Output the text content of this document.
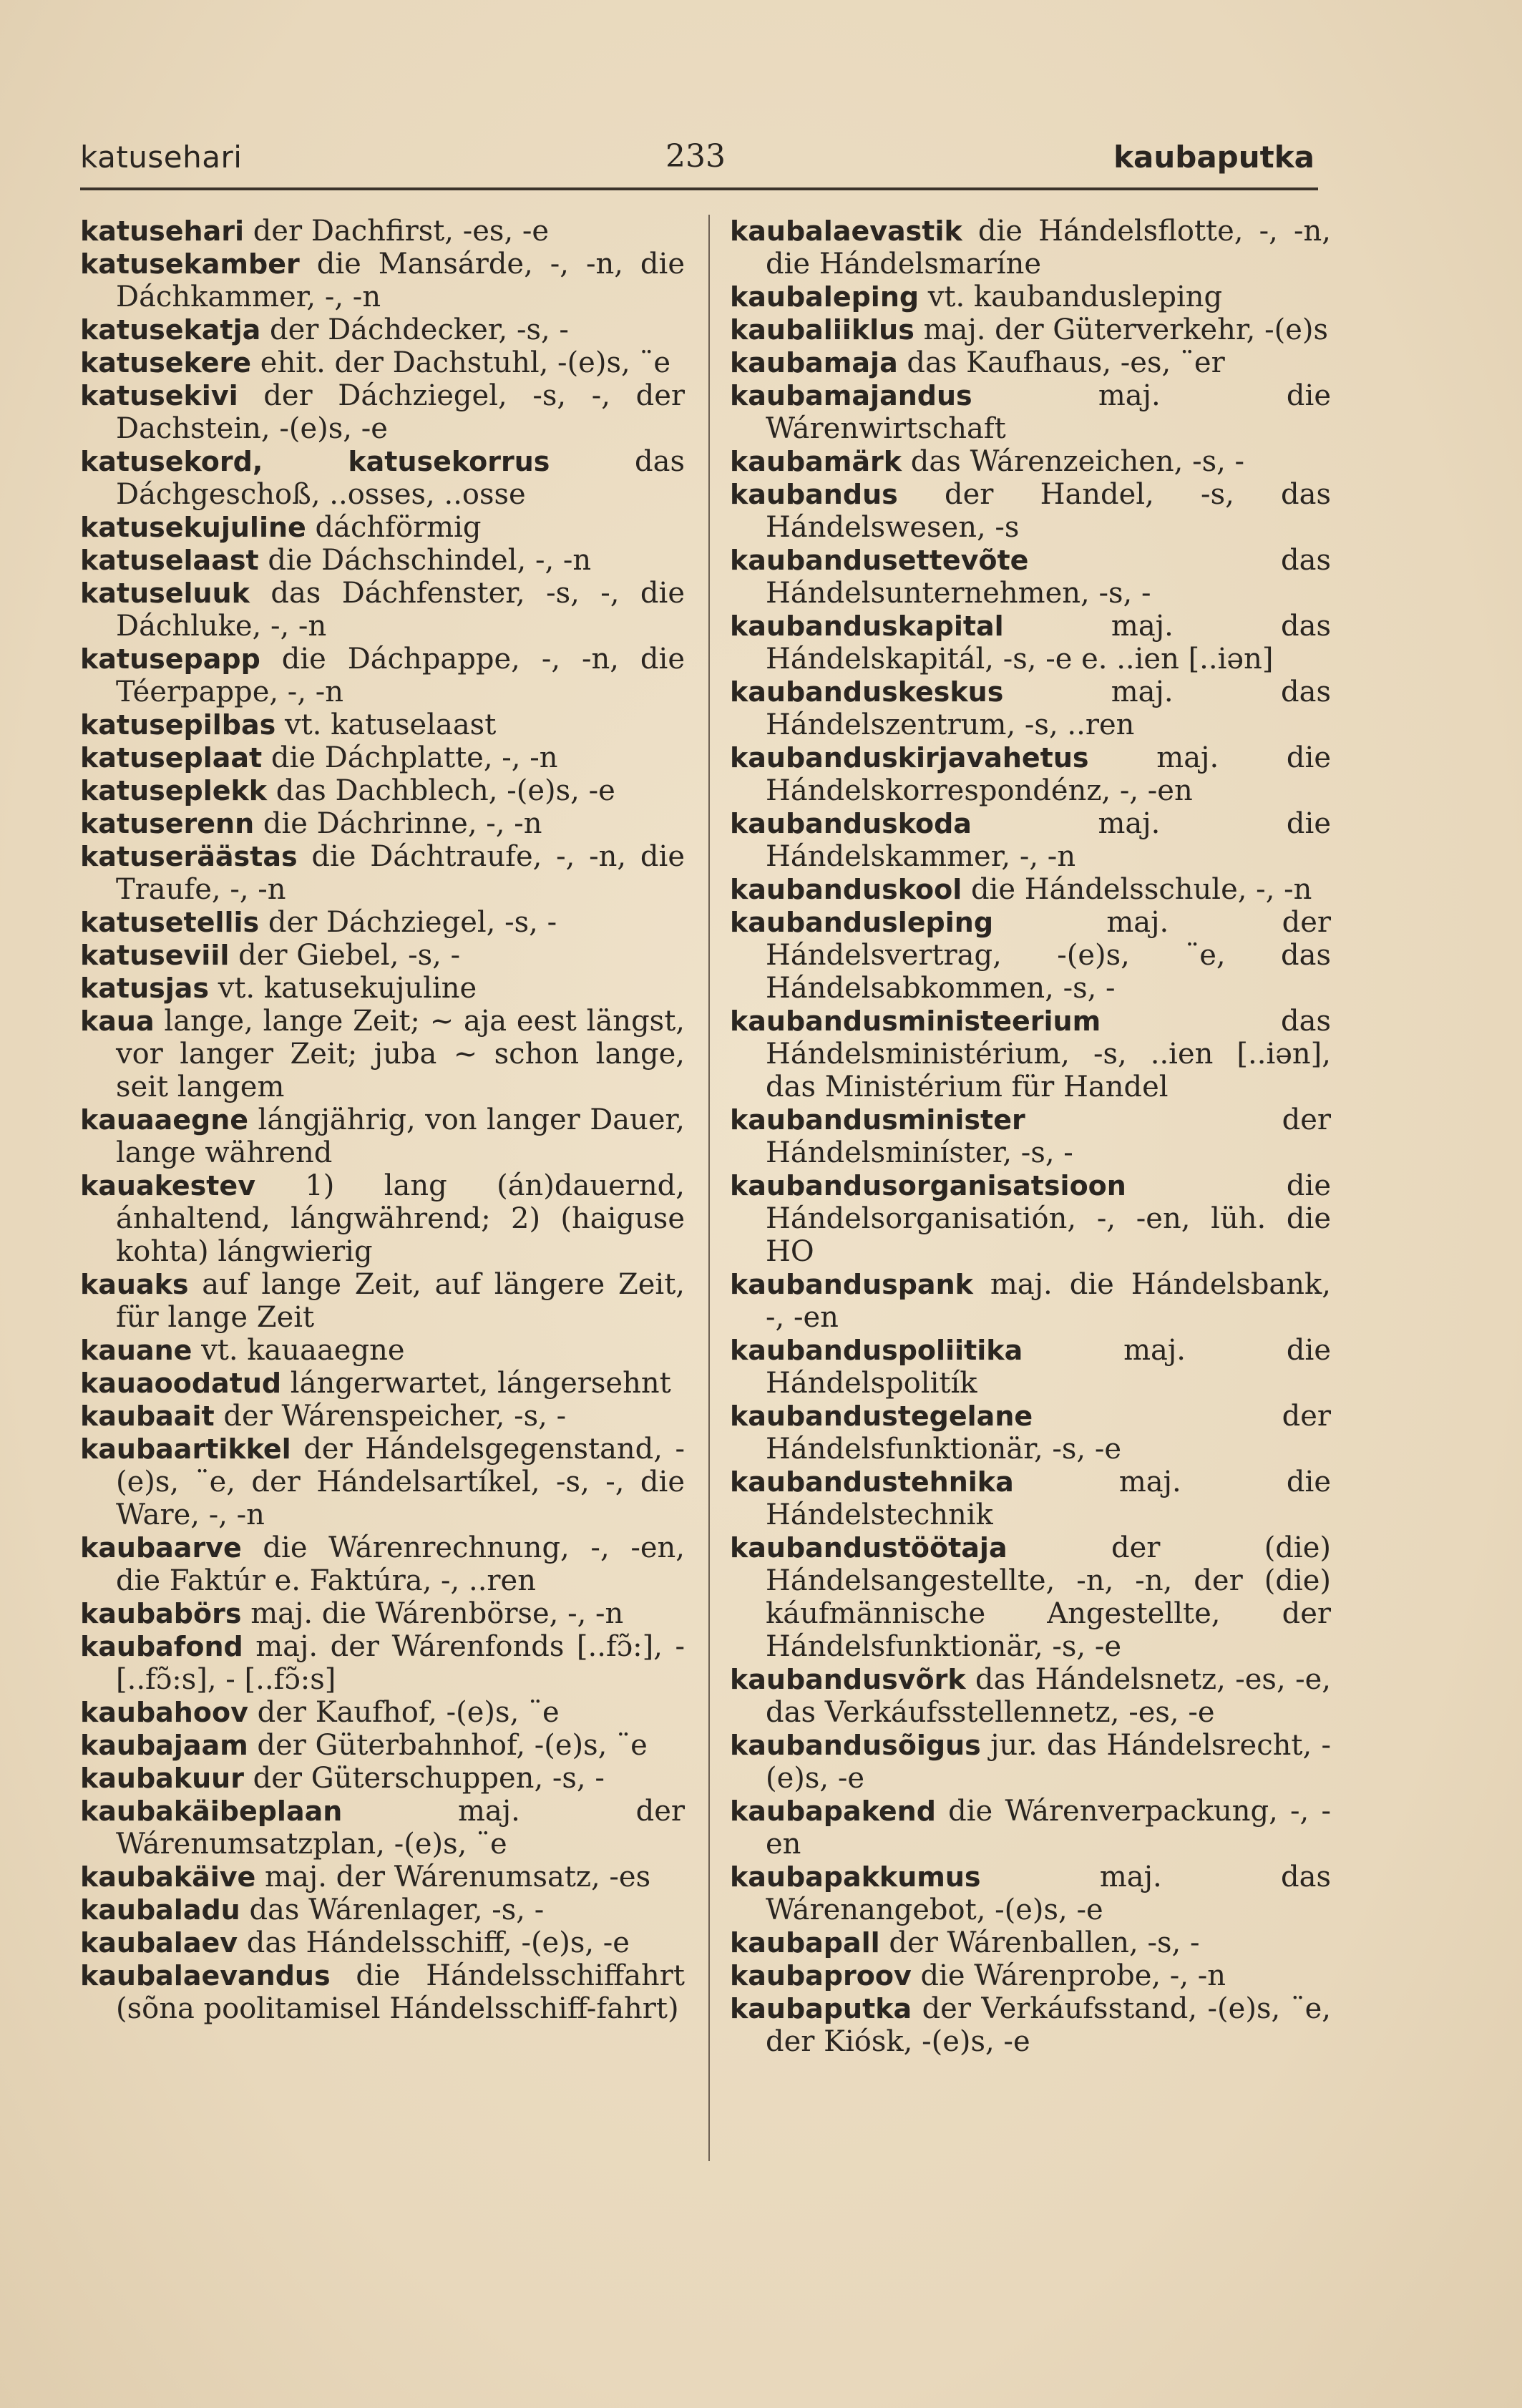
katusehari	233	kaubaputka

katusehari der Dachfirst, -es, -e

katusekamber die Mansárde, -, -n, die Dáchkammer, -, -n

katusekatja der Dáchdecker, -s, -

katusekere ehit. der Dachstuhl, -(e)s, ¨e

katusekivi der Dáchziegel, -s, -, der Dachstein, -(e)s, -e

katusekord, katusekorrus das Dáchgeschoß, ..osses, ..osse

katusekujuline dáchförmig

katuselaast die Dáchschindel, -, -n

katuseluuk das Dáchfenster, -s, -, die Dáchluke, -, -n

katusepapp die Dáchpappe, -, -n, die Téerpappe, -, -n

katusepilbas vt. katuselaast

katuseplaat die Dáchplatte, -, -n

katuseplekk das Dachblech, -(e)s, -e

katuserenn die Dáchrinne, -, -n

katuseräästas die Dáchtraufe, -, -n, die Traufe, -, -n

katusetellis der Dáchziegel, -s, -

katuseviil der Giebel, -s, -

katusjas vt. katusekujuline

kaua lange, lange Zeit; ~ aja eest längst, vor langer Zeit; juba ~ schon lange, seit langem

kauaaegne lángjährig, von langer Dauer, lange während

kauakestev 1) lang (án)dauernd, ánhaltend, lángwährend; 2) (haiguse kohta) lángwierig

kauaks auf lange Zeit, auf längere Zeit, für lange Zeit

kauane vt. kauaaegne

kauaoodatud lángerwartet, lángersehnt

kaubaait der Wárenspeicher, -s, -

kaubaartikkel der Hándelsgegenstand, -(e)s, ¨e, der Hándelsartíkel, -s, -, die Ware, -, -n

kaubaarve die Wárenrechnung, -, -en, die Faktúr e. Faktúra, -, ..ren

kaubabörs maj. die Wárenbörse, -, -n

kaubafond maj. der Wárenfonds [..fɔ̃:], - [..fɔ̃:s], - [..fɔ̃:s]

kaubahoov der Kaufhof, -(e)s, ¨e

kaubajaam der Güterbahnhof, -(e)s, ¨e

kaubakuur der Güterschuppen, -s, -

kaubakäibeplaan maj. der Wárenumsatzplan, -(e)s, ¨e

kaubakäive maj. der Wárenumsatz, -es

kaubaladu das Wárenlager, -s, -

kaubalaev das Hándelsschiff, -(e)s, -e

kaubalaevandus die Hándelsschiffahrt (sõna poolitamisel Hándelsschiff-fahrt)

kaubalaevastik die Hándelsflotte, -, -n, die Hándelsmaríne

kaubaleping vt. kaubandusleping

kaubaliiklus maj. der Güterverkehr, -(e)s

kaubamaja das Kaufhaus, -es, ¨er

kaubamajandus maj. die Wárenwirtschaft

kaubamärk das Wárenzeichen, -s, -

kaubandus der Handel, -s, das Hándelswesen, -s

kaubandusettevõte das Hándelsunternehmen, -s, -

kaubanduskapital maj. das Hándelskapitál, -s, -e e. ..ien [..iən]

kaubanduskeskus maj. das Hándelszentrum, -s, ..ren

kaubanduskirjavahetus maj. die Hándelskorrespondénz, -, -en

kaubanduskoda maj. die Hándelskammer, -, -n

kaubanduskool die Hándelsschule, -, -n

kaubandusleping maj. der Hándelsvertrag, -(e)s, ¨e, das Hándelsabkommen, -s, -

kaubandusministeerium das Hándelsministérium, -s, ..ien [..iən], das Ministérium für Handel

kaubandusminister der Hándelsminíster, -s, -

kaubandusorganisatsioon die Hándelsorganisatión, -, -en, lüh. die HO

kaubanduspank maj. die Hándelsbank, -, -en

kaubanduspoliitika maj. die Hándelspolitík

kaubandustegelane der Hándelsfunktionär, -s, -e

kaubandustehnika maj. die Hándelstechnik

kaubandustöötaja der (die) Hándelsangestellte, -n, -n, der (die) káufmännische Angestellte, der Hándelsfunktionär, -s, -e

kaubandusvõrk das Hándelsnetz, -es, -e, das Verkáufsstellennetz, -es, -e

kaubandusõigus jur. das Hándelsrecht, -(e)s, -e

kaubapakend die Wárenverpackung, -, -en

kaubapakkumus maj. das Wárenangebot, -(e)s, -e

kaubapall der Wárenballen, -s, -

kaubaproov die Wárenprobe, -, -n

kaubaputka der Verkáufsstand, -(e)s, ¨e, der Kiósk, -(e)s, -e
